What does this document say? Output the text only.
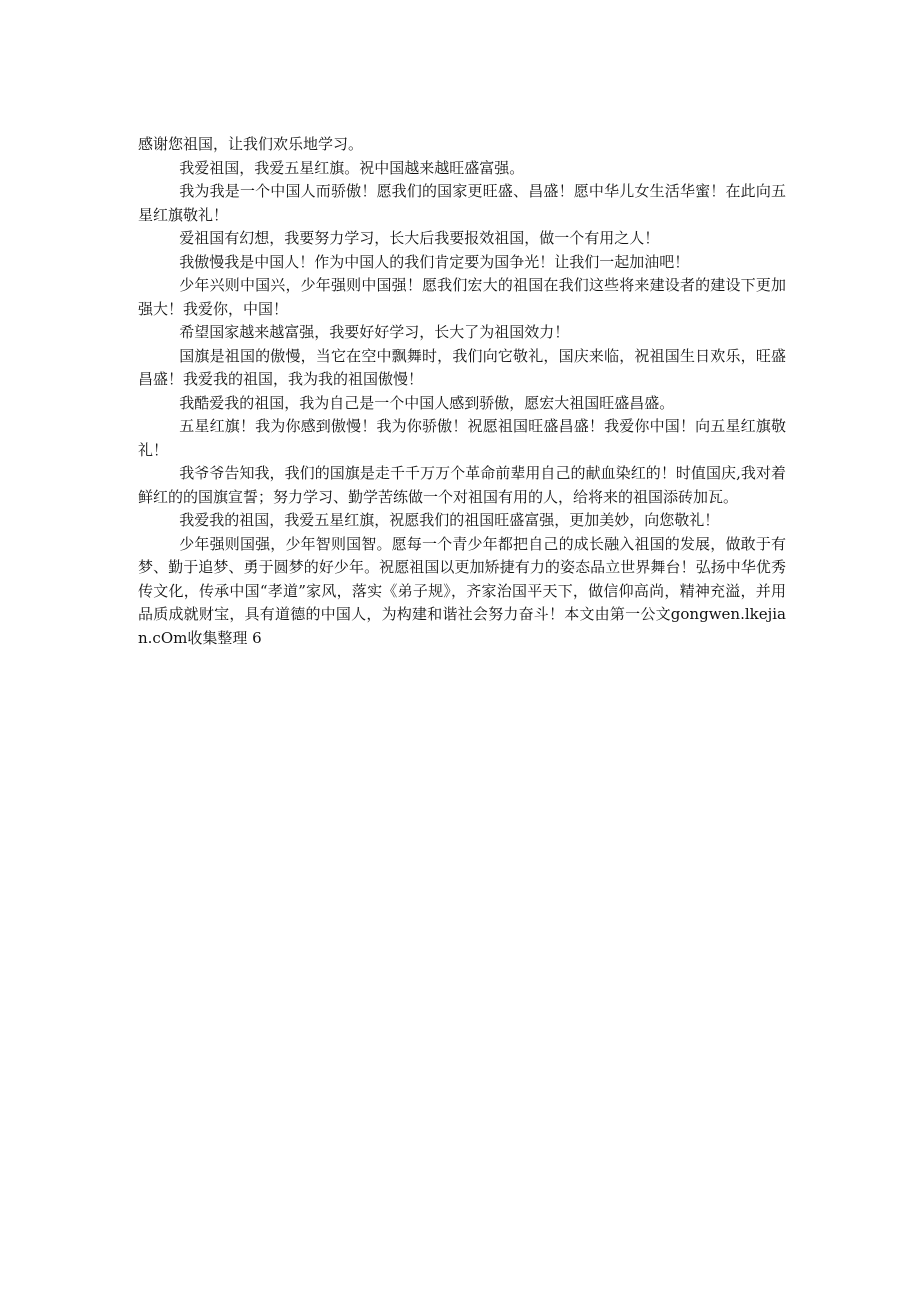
感谢您祖国，让我们欢乐地学习。

我爱祖国，我爱五星红旗。祝中国越来越旺盛富强。

我为我是一个中国人而骄傲！愿我们的国家更旺盛、昌盛！愿中华儿女生活华蜜！在此向五星红旗敬礼！

爱祖国有幻想，我要努力学习，长大后我要报效祖国，做一个有用之人！

我傲慢我是中国人！作为中国人的我们肯定要为国争光！让我们一起加油吧！

少年兴则中国兴，少年强则中国强！愿我们宏大的祖国在我们这些将来建设者的建设下更加强大！我爱你，中国！

希望国家越来越富强，我要好好学习，长大了为祖国效力！

国旗是祖国的傲慢，当它在空中飘舞时，我们向它敬礼，国庆来临，祝祖国生日欢乐，旺盛昌盛！我爱我的祖国，我为我的祖国傲慢！

我酷爱我的祖国，我为自己是一个中国人感到骄傲，愿宏大祖国旺盛昌盛。

五星红旗！我为你感到傲慢！我为你骄傲！祝愿祖国旺盛昌盛！我爱你中国！向五星红旗敬礼！

我爷爷告知我，我们的国旗是走千千万万个革命前辈用自己的献血染红的！时值国庆,我对着鲜红的的国旗宣誓；努力学习、勤学苦练做一个对祖国有用的人，给将来的祖国添砖加瓦。

我爱我的祖国，我爱五星红旗，祝愿我们的祖国旺盛富强，更加美妙，向您敬礼！

少年强则国强，少年智则国智。愿每一个青少年都把自己的成长融入祖国的发展，做敢于有梦、勤于追梦、勇于圆梦的好少年。祝愿祖国以更加矫捷有力的姿态品立世界舞台！弘扬中华优秀传文化，传承中国“孝道”家风，落实《弟子规》，齐家治国平天下，做信仰高尚，精神充溢，并用品质成就财宝，具有道德的中国人，为构建和谐社会努力奋斗！本文由第一公文gongwen.lkejian.cOm收集整理 6
